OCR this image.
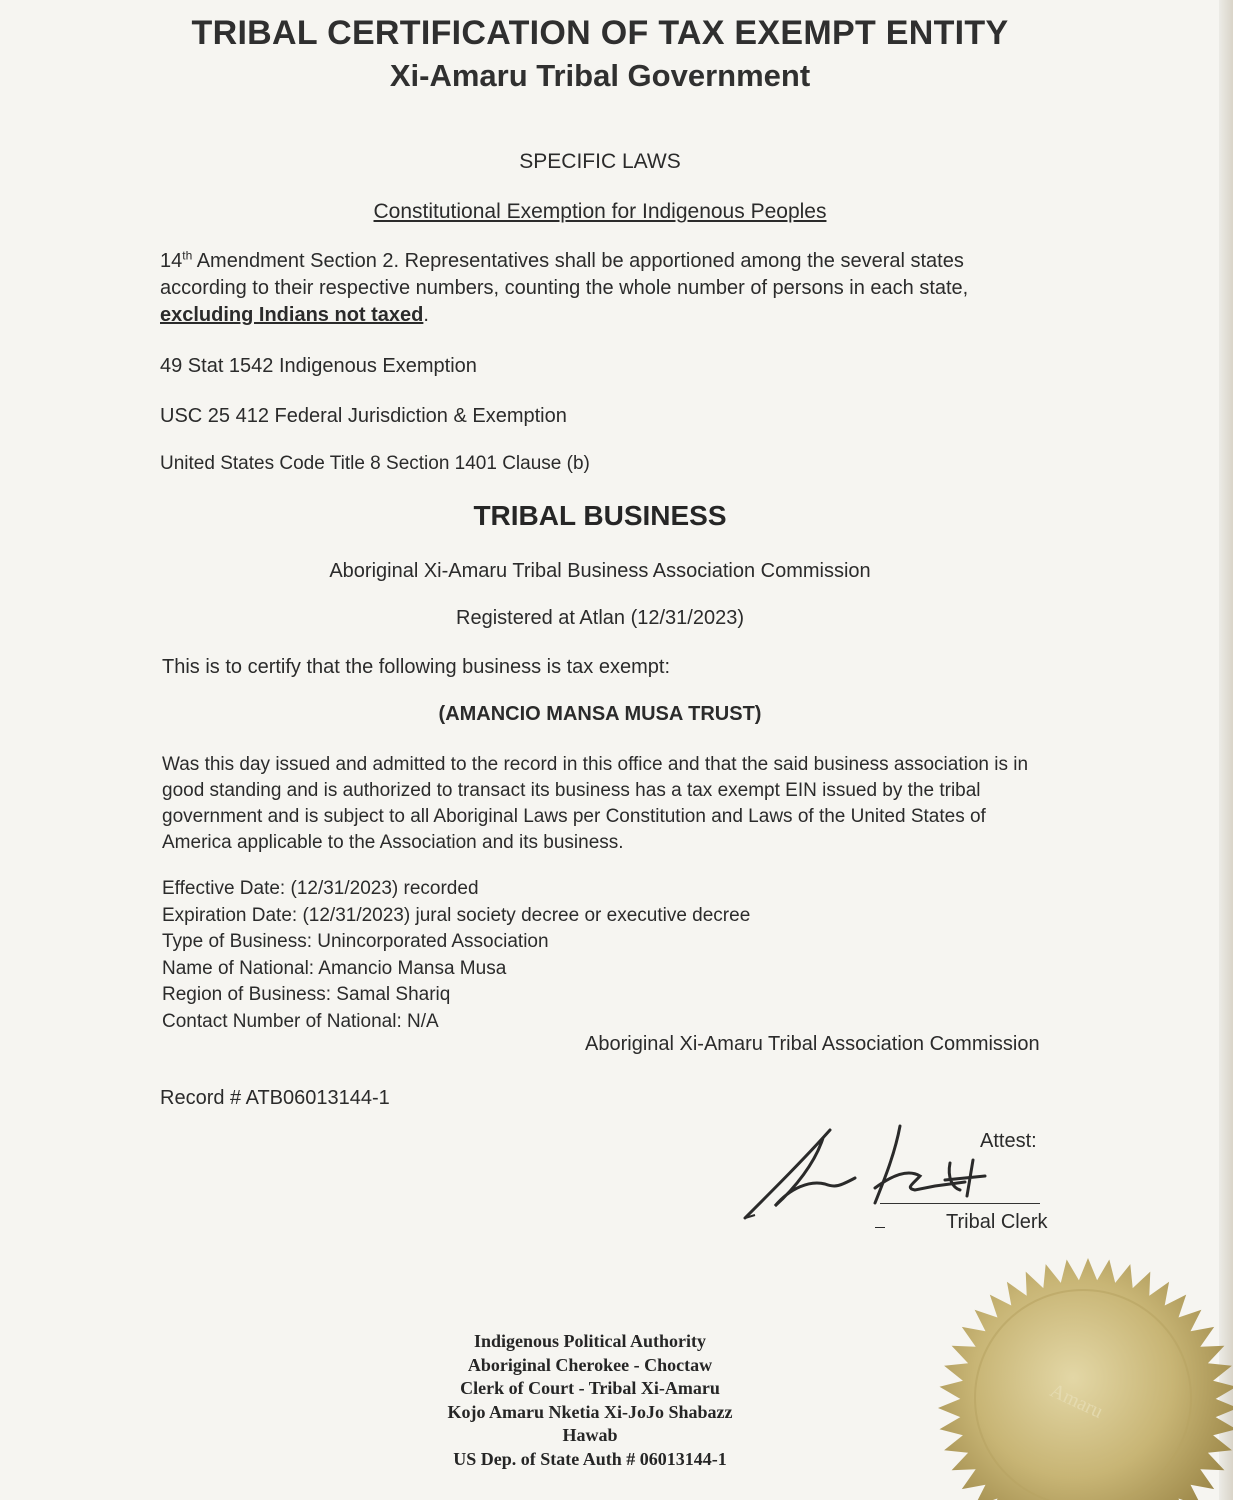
TRIBAL CERTIFICATION OF TAX EXEMPT ENTITY
Xi-Amaru Tribal Government
SPECIFIC LAWS
Constitutional Exemption for Indigenous Peoples

14th Amendment Section 2. Representatives shall be apportioned among the several states according to their respective numbers, counting the whole number of persons in each state, excluding Indians not taxed.

49 Stat 1542 Indigenous Exemption
USC 25 412 Federal Jurisdiction & Exemption
United States Code Title 8 Section 1401 Clause (b)
TRIBAL BUSINESS
Aboriginal Xi-Amaru Tribal Business Association Commission
Registered at Atlan (12/31/2023)
This is to certify that the following business is tax exempt:
(AMANCIO MANSA MUSA TRUST)

Was this day issued and admitted to the record in this office and that the said business association is in good standing and is authorized to transact its business has a tax exempt EIN issued by the tribal government and is subject to all Aboriginal Laws per Constitution and Laws of the United States of America applicable to the Association and its business.

Effective Date: (12/31/2023) recorded
Expiration Date: (12/31/2023) jural society decree or executive decree
Type of Business: Unincorporated Association
Name of National: Amancio Mansa Musa
Region of Business: Samal Shariq
Contact Number of National: N/A
Aboriginal Xi-Amaru Tribal Association Commission
Record # ATB06013144-1
Attest:
Tribal Clerk
Indigenous Political Authority
Aboriginal Cherokee - Choctaw
Clerk of Court - Tribal Xi-Amaru
Kojo Amaru Nketia Xi-JoJo Shabazz
Hawab
US Dep. of State Auth # 06013144-1
Amaru
